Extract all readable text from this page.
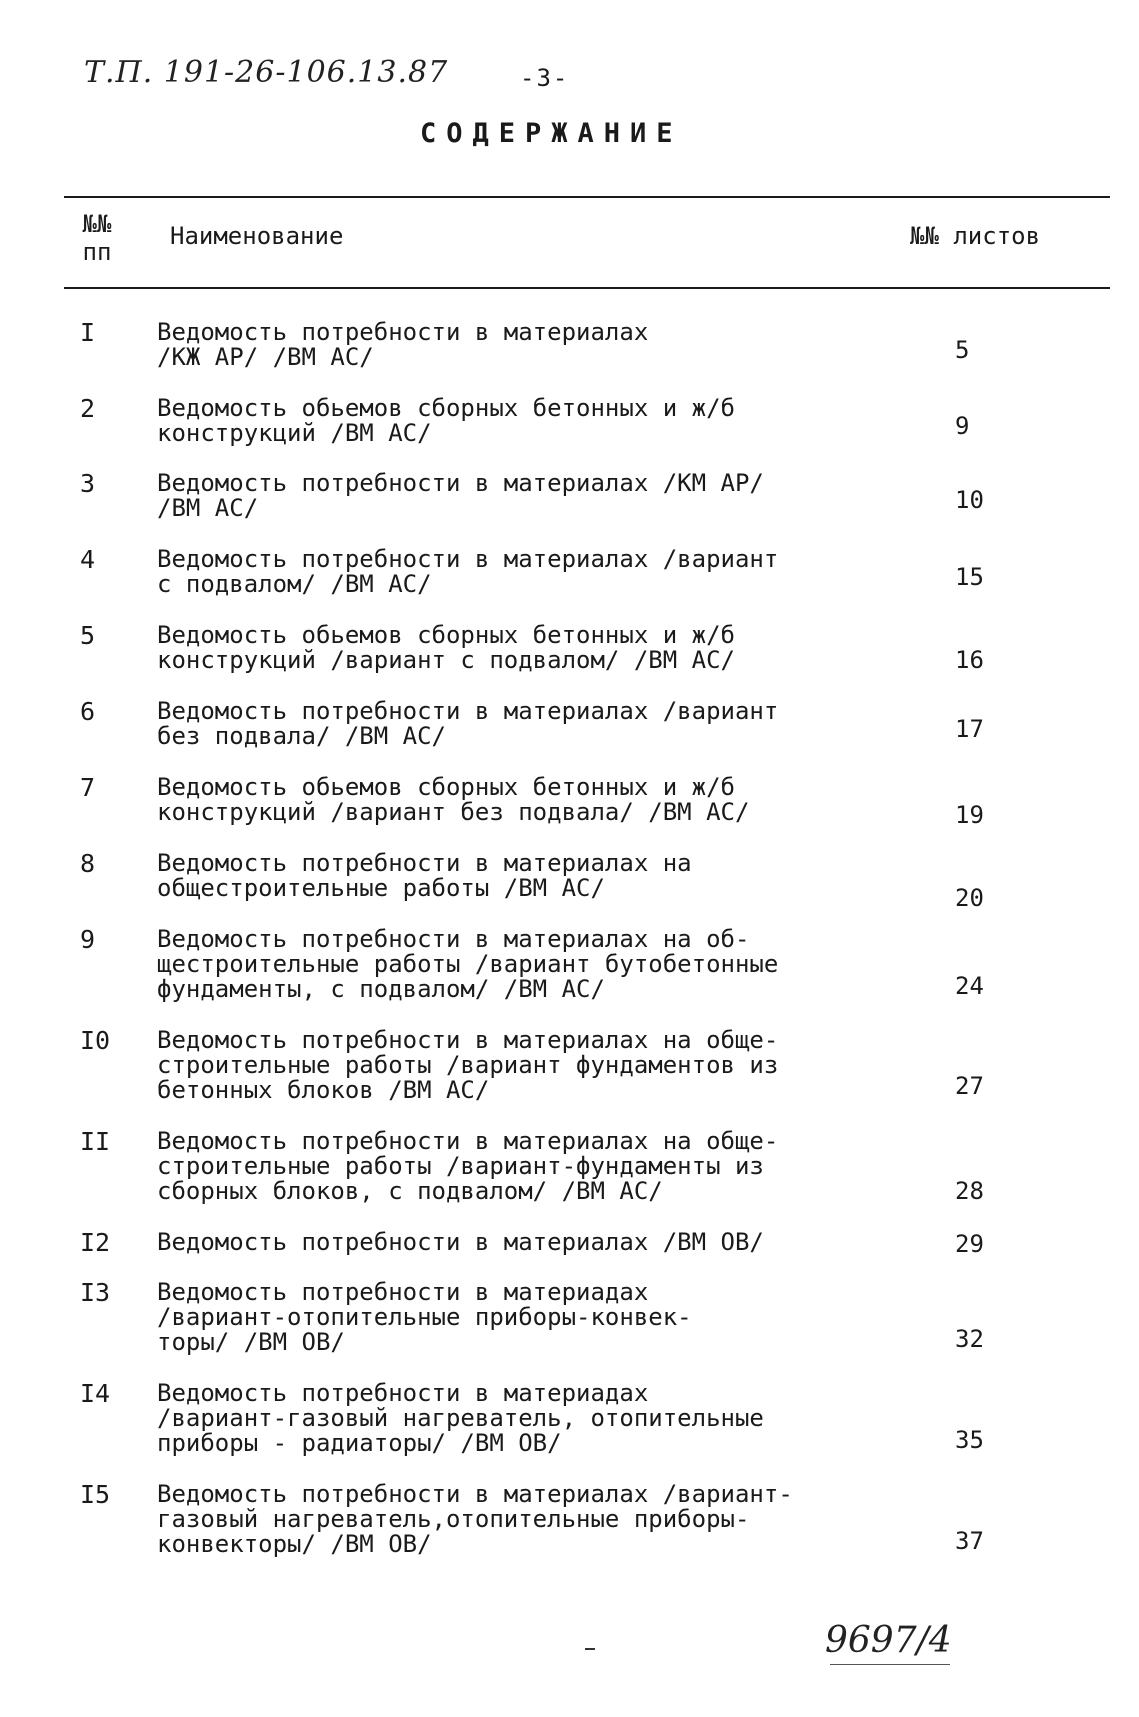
Т.П. 191-26-106.13.87	-3-
СОДЕРЖАНИЕ
№№
пп
Наименование	№№ листов
I	Ведомость потребности в материалах
/КЖ АР/ /ВМ АС/	5
2	Ведомость обьемов сборных бетонных и ж/б
конструкций /ВМ АС/	9
3	Ведомость потребности в материалах /КМ АР/
/ВМ АС/	10
4	Ведомость потребности в материалах /вариант
с подвалом/ /ВМ АС/	15
5	Ведомость обьемов сборных бетонных и ж/б
конструкций /вариант с подвалом/ /ВМ АС/	16
6	Ведомость потребности в материалах /вариант
без подвала/ /ВМ АС/	17
7	Ведомость обьемов сборных бетонных и ж/б
конструкций /вариант без подвала/ /ВМ АС/	19
8	Ведомость потребности в материалах на
общестроительные работы /ВМ АС/	20
9	Ведомость потребности в материалах на об-
щестроительные работы /вариант бутобетонные
фундаменты, с подвалом/ /ВМ АС/	24
I0 Ведомость потребности в материалах на обще-
строительные работы /вариант фундаментов из
бетонных блоков /ВМ АС/	27
II Ведомость потребности в материалах на обще-
строительные работы /вариант-фундаменты из
сборных блоков, с подвалом/ /ВМ АС/	28
I2 Ведомость потребности в материалах /ВМ ОВ/	29
I3 Ведомость потребности в материадах
/вариант-отопительные приборы-конвек-
торы/ /ВМ ОВ/	32
I4 Ведомость потребности в материадах
/вариант-газовый нагреватель, отопительные
приборы - радиаторы/ /ВМ ОВ/	35
I5 Ведомость потребности в материалах /вариант-
газовый нагреватель,отопительные приборы-
конвекторы/ /ВМ ОВ/	37
9697/4
